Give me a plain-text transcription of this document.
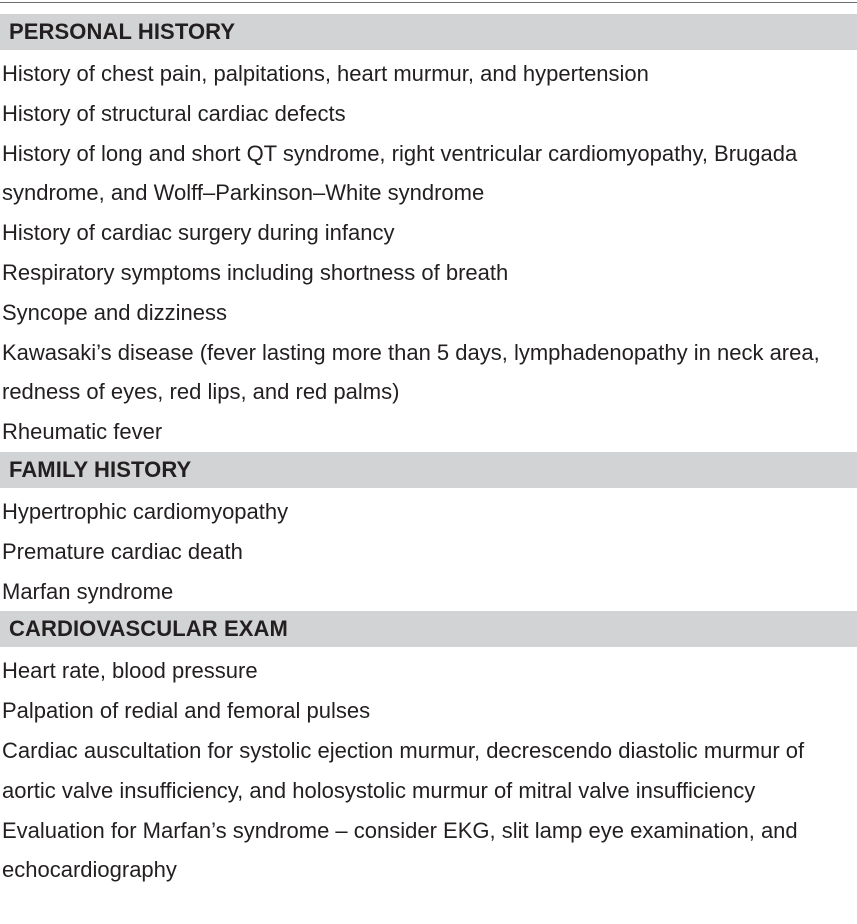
PERSONAL HISTORY
History of chest pain, palpitations, heart murmur, and hypertension
History of structural cardiac defects
History of long and short QT syndrome, right ventricular cardiomyopathy, Brugada syndrome, and Wolff–Parkinson–White syndrome
History of cardiac surgery during infancy
Respiratory symptoms including shortness of breath
Syncope and dizziness
Kawasaki’s disease (fever lasting more than 5 days, lymphadenopathy in neck area, redness of eyes, red lips, and red palms)
Rheumatic fever
FAMILY HISTORY
Hypertrophic cardiomyopathy
Premature cardiac death
Marfan syndrome
CARDIOVASCULAR EXAM
Heart rate, blood pressure
Palpation of redial and femoral pulses
Cardiac auscultation for systolic ejection murmur, decrescendo diastolic murmur of aortic valve insufficiency, and holosystolic murmur of mitral valve insufficiency
Evaluation for Marfan’s syndrome – consider EKG, slit lamp eye examination, and echocardiography
